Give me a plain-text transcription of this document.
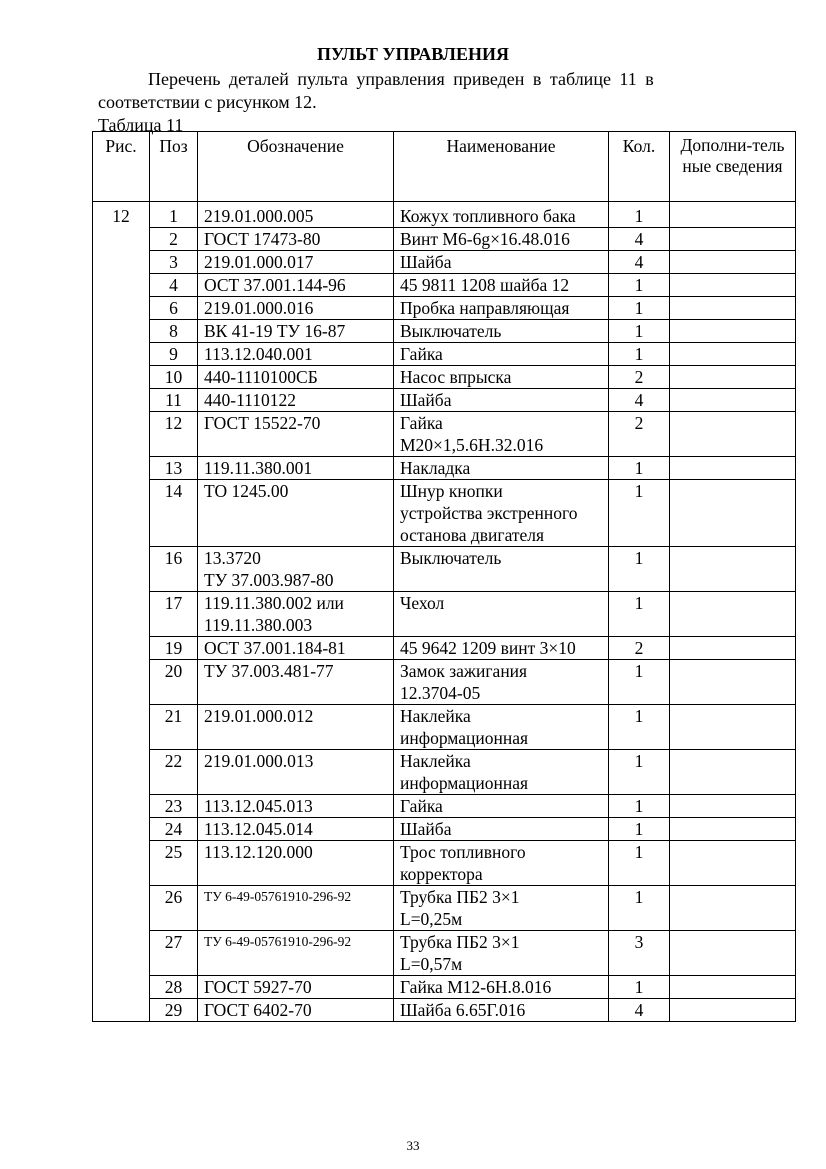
ПУЛЬТ УПРАВЛЕНИЯ
Перечень деталей пульта управления приведен в таблице 11 в
соответствии с рисунком 12.
Таблица 11
Рис.	Поз	Обозначение	Наименование	Кол.	Дополни-тельные сведения
12	1	219.01.000.005	Кожух топливного бака	1	
	2	ГОСТ 17473-80	Винт М6-6g×16.48.016	4	
	3	219.01.000.017	Шайба	4	
	4	ОСТ 37.001.144-96	45 9811 1208 шайба 12	1	
	6	219.01.000.016	Пробка направляющая	1	
	8	ВК 41-19 ТУ 16-87	Выключатель	1	
	9	113.12.040.001	Гайка	1	
	10	440-1110100СБ	Насос впрыска	2	
	11	440-1110122	Шайба	4	
	12	ГОСТ 15522-70	Гайка
М20×1,5.6Н.32.016	2	
	13	119.11.380.001	Накладка	1	
	14	ТО 1245.00	Шнур кнопки
устройства экстренного
останова двигателя	1	
	16	13.3720
ТУ 37.003.987-80	Выключатель	1	
	17	119.11.380.002 или
119.11.380.003	Чехол	1	
	19	ОСТ 37.001.184-81	45 9642 1209 винт 3×10	2	
	20	ТУ 37.003.481-77	Замок зажигания
12.3704-05	1	
	21	219.01.000.012	Наклейка
информационная	1	
	22	219.01.000.013	Наклейка
информационная	1	
	23	113.12.045.013	Гайка	1	
	24	113.12.045.014	Шайба	1	
	25	113.12.120.000	Трос топливного
корректора	1	
	26	ТУ 6-49-05761910-296-92	Трубка ПБ2 3×1
L=0,25м	1	
	27	ТУ 6-49-05761910-296-92	Трубка ПБ2 3×1
L=0,57м	3	
	28	ГОСТ 5927-70	Гайка М12-6Н.8.016	1	
	29	ГОСТ 6402-70	Шайба 6.65Г.016	4	
33
